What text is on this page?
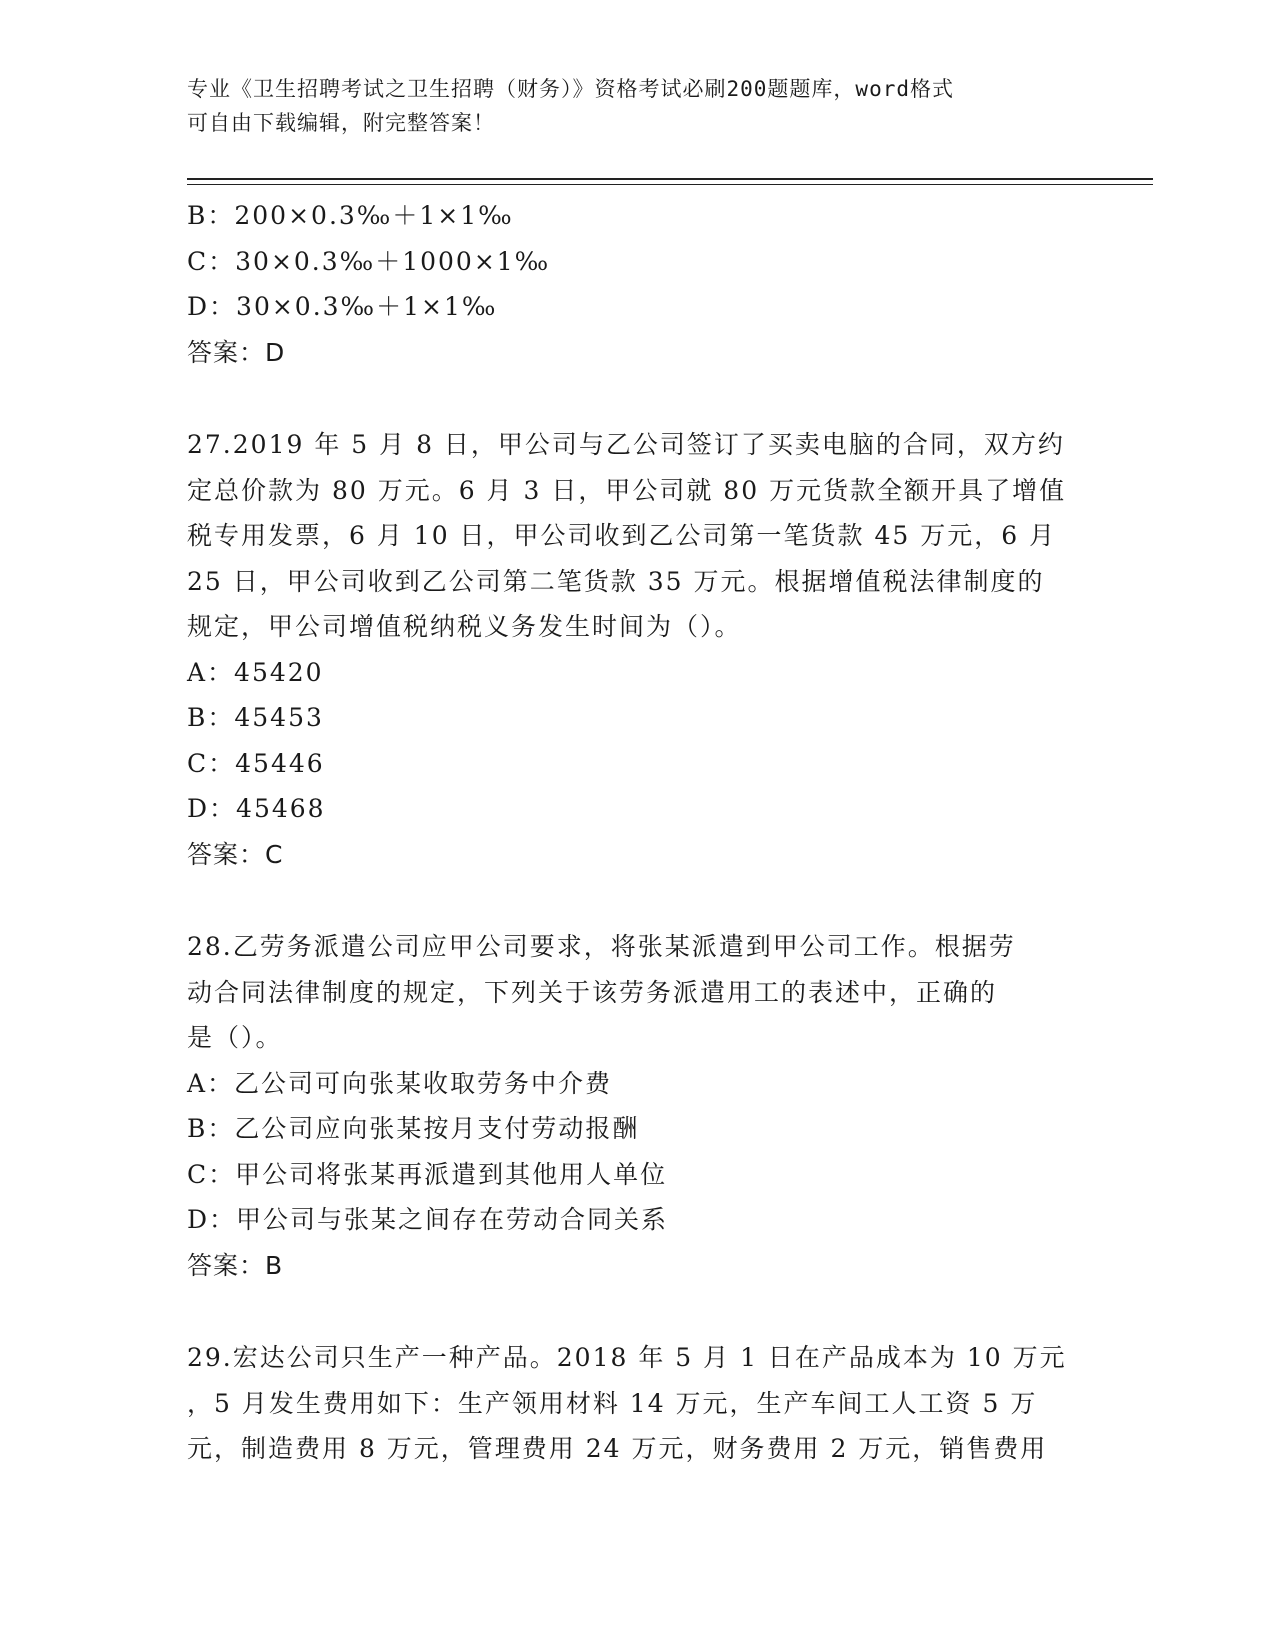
专业《卫生招聘考试之卫生招聘（财务）》资格考试必刷200题题库，word格式
可自由下载编辑，附完整答案！
B：200×0.3‰＋1×1‰
C：30×0.3‰＋1000×1‰
D：30×0.3‰＋1×1‰
答案：D
27.2019 年 5 月 8 日，甲公司与乙公司签订了买卖电脑的合同，双方约
定总价款为 80 万元。6 月 3 日，甲公司就 80 万元货款全额开具了增值
税专用发票，6 月 10 日，甲公司收到乙公司第一笔货款 45 万元，6 月
25 日，甲公司收到乙公司第二笔货款 35 万元。根据增值税法律制度的
规定，甲公司增值税纳税义务发生时间为（）。
A：45420
B：45453
C：45446
D：45468
答案：C
28.乙劳务派遣公司应甲公司要求，将张某派遣到甲公司工作。根据劳
动合同法律制度的规定，下列关于该劳务派遣用工的表述中，正确的
是（）。
A：乙公司可向张某收取劳务中介费
B：乙公司应向张某按月支付劳动报酬
C：甲公司将张某再派遣到其他用人单位
D：甲公司与张某之间存在劳动合同关系
答案：B
29.宏达公司只生产一种产品。2018 年 5 月 1 日在产品成本为 10 万元
，5 月发生费用如下：生产领用材料 14 万元，生产车间工人工资 5 万
元，制造费用 8 万元，管理费用 24 万元，财务费用 2 万元，销售费用
